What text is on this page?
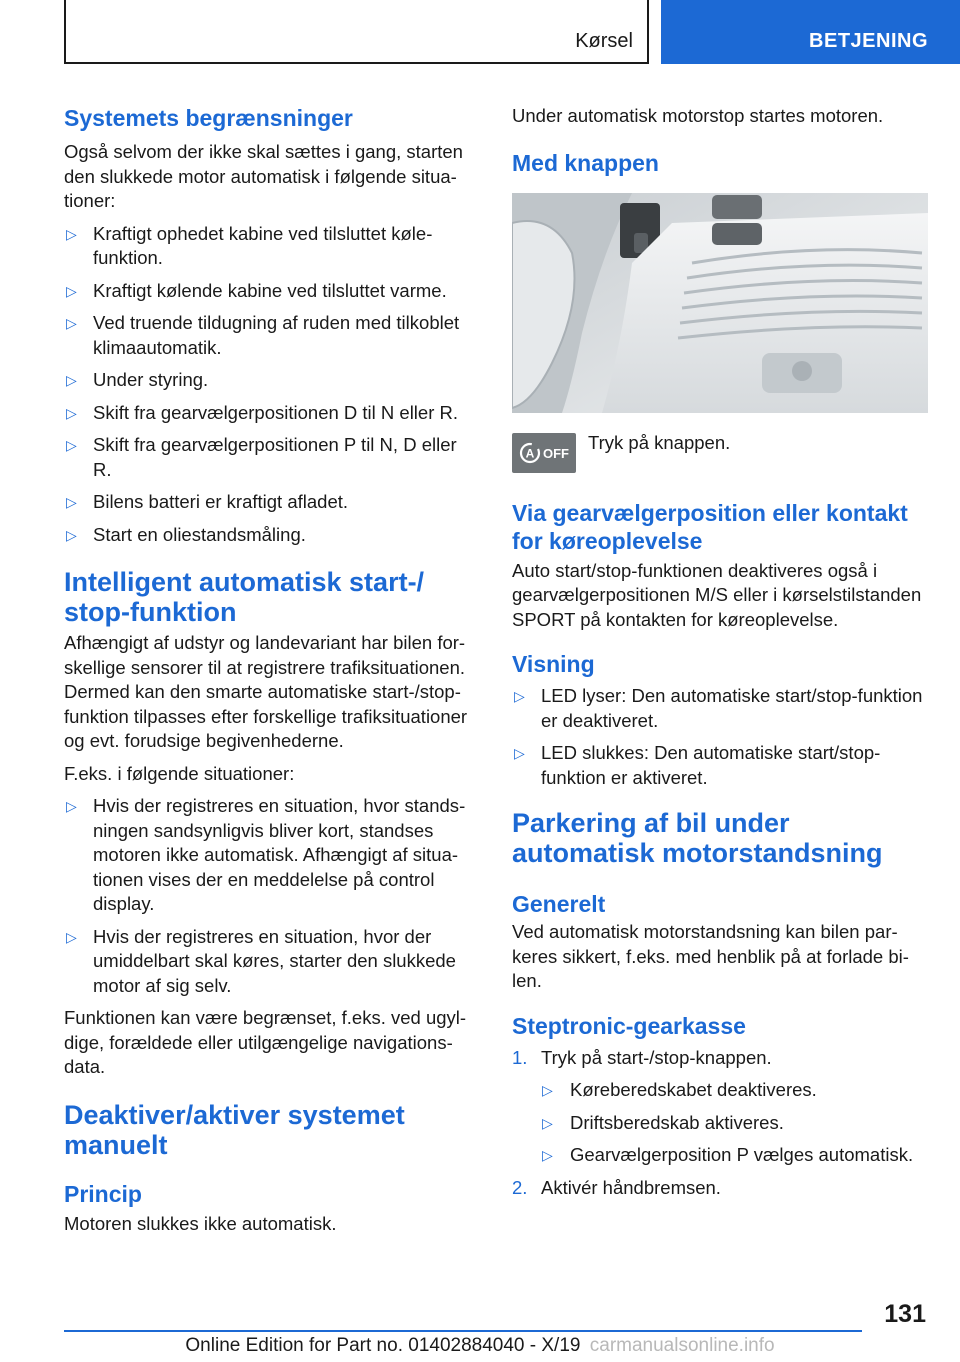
Kørsel	BETJENING
Systemets begrænsninger

Også selvom der ikke skal sættes i gang, starten den slukkede motor automatisk i følgende situationer:

▷ Kraftigt ophedet kabine ved tilsluttet kølefunktion.
▷ Kraftigt kølende kabine ved tilsluttet varme.
▷ Ved truende tildugning af ruden med tilkoblet klimaautomatik.
▷ Under styring.
▷ Skift fra gearvælgerpositionen D til N eller R.
▷ Skift fra gearvælgerpositionen P til N, D eller R.
▷ Bilens batteri er kraftigt afladet.
▷ Start en oliestandsmåling.
Intelligent automatisk start-/ stop-funktion

Afhængigt af udstyr og landevariant har bilen forskellige sensorer til at registrere trafiksituationen. Dermed kan den smarte automatiske start-/stop-funktion tilpasses efter forskellige trafiksituationer og evt. forudsige begivenhederne.

F.eks. i følgende situationer:

▷ Hvis der registreres en situation, hvor standsningen sandsynligvis bliver kort, standses motoren ikke automatisk. Afhængigt af situationen vises der en meddelelse på control display.
▷ Hvis der registreres en situation, hvor der umiddelbart skal køres, starter den slukkede motor af sig selv.

Funktionen kan være begrænset, f.eks. ved ugyldige, forældede eller utilgængelige navigationsdata.

Deaktiver/aktiver systemet manuelt
Princip

Motoren slukkes ikke automatisk.

Under automatisk motorstop startes motoren.

Med knappen
A OFF

Tryk på knappen.

Via gearvælgerposition eller kontakt for køreoplevelse

Auto start/stop-funktionen deaktiveres også i gearvælgerpositionen M/S eller i kørselstilstanden SPORT på kontakten for køreoplevelse.

Visning
▷ LED lyser: Den automatiske start/stop-funktion er deaktiveret.
▷ LED slukkes: Den automatiske start/stop-funktion er aktiveret.
Parkering af bil under automatisk motorstandsning
Generelt

Ved automatisk motorstandsning kan bilen parkeres sikkert, f.eks. med henblik på at forlade bilen.

Steptronic-gearkasse
1. Tryk på start-/stop-knappen.
▷ Køreberedskabet deaktiveres.
▷ Driftsberedskab aktiveres.
▷ Gearvælgerposition P vælges automatisk.
2. Aktivér håndbremsen.
131
Online Edition for Part no. 01402884040 - X/19 carmanualsonline.info
